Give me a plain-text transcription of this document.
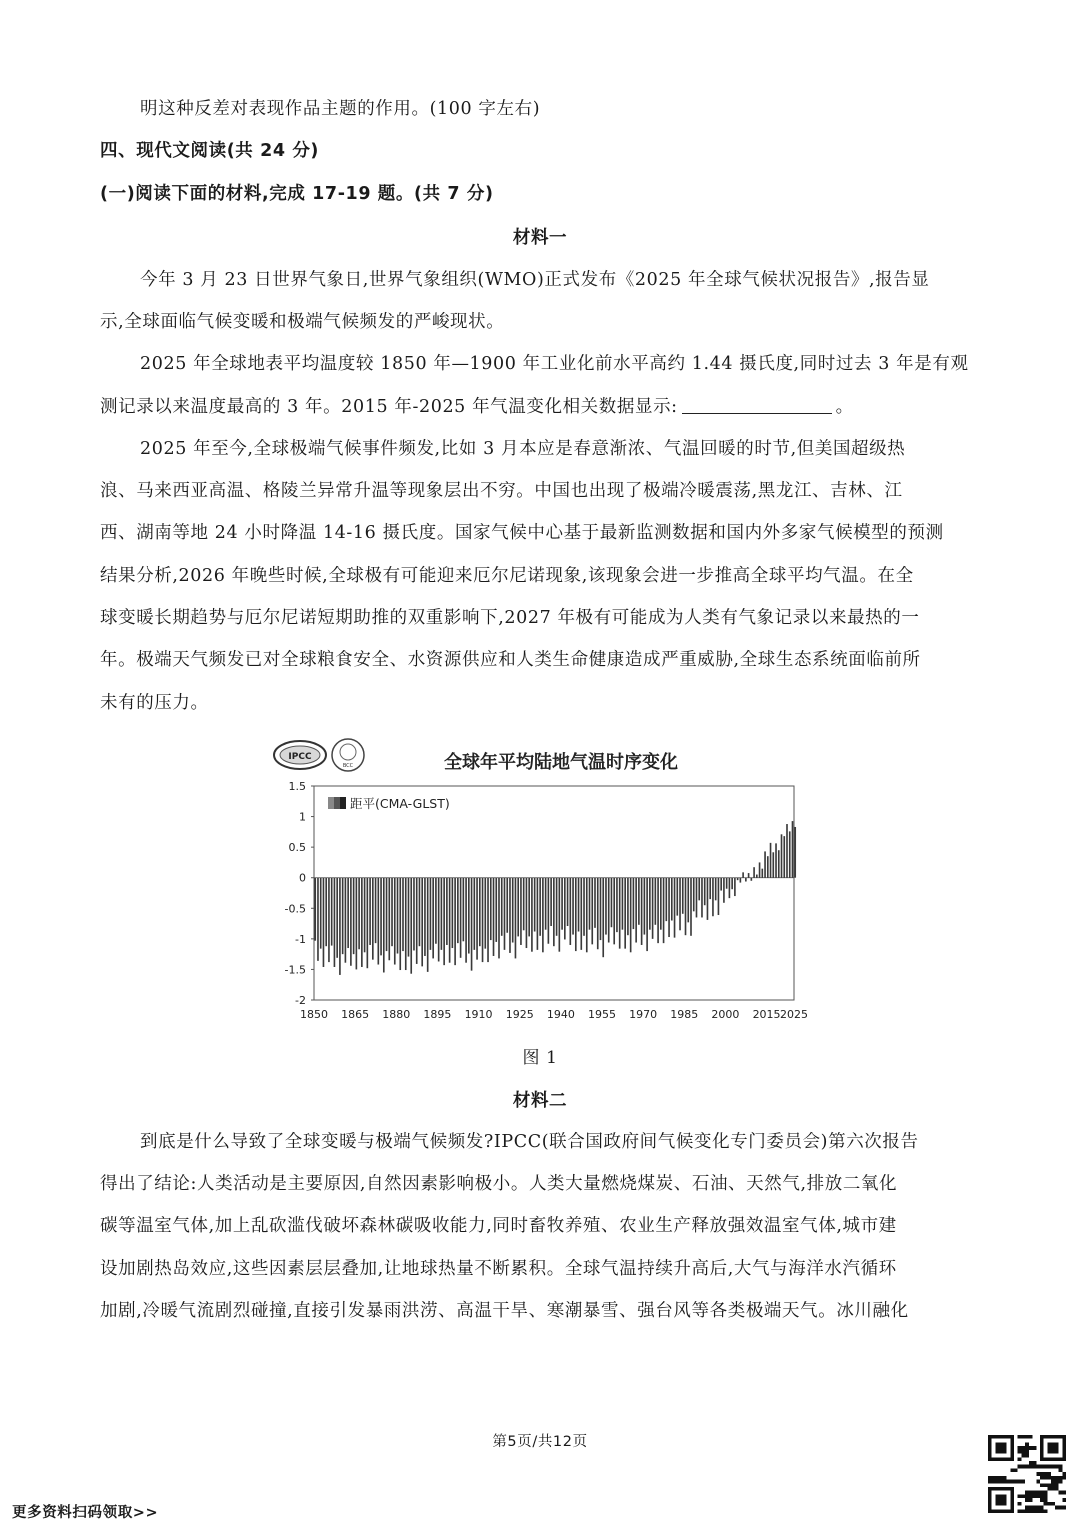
明这种反差对表现作品主题的作用。(100 字左右)
四、现代文阅读(共 24 分)
(一)阅读下面的材料,完成 17-19 题。(共 7 分)
材料一
今年 3 月 23 日世界气象日,世界气象组织(WMO)正式发布《2025 年全球气候状况报告》,报告显
示,全球面临气候变暖和极端气候频发的严峻现状。
2025 年全球地表平均温度较 1850 年—1900 年工业化前水平高约 1.44 摄氏度,同时过去 3 年是有观
测记录以来温度最高的 3 年。2015 年-2025 年气温变化相关数据显示:	。
2025 年至今,全球极端气候事件频发,比如 3 月本应是春意渐浓、气温回暖的时节,但美国超级热
浪、马来西亚高温、格陵兰异常升温等现象层出不穷。中国也出现了极端冷暖震荡,黑龙江、吉林、江
西、湖南等地 24 小时降温 14-16 摄氏度。国家气候中心基于最新监测数据和国内外多家气候模型的预测
结果分析,2026 年晚些时候,全球极有可能迎来厄尔尼诺现象,该现象会进一步推高全球平均气温。在全
球变暖长期趋势与厄尔尼诺短期助推的双重影响下,2027 年极有可能成为人类有气象记录以来最热的一
年。极端天气频发已对全球粮食安全、水资源供应和人类生命健康造成严重威胁,全球生态系统面临前所
未有的压力。
IPCC
BCC	全球年平均陆地气温时序变化
距平(CMA-GLST)
1.5
1
0.5
0
-0.5
-1
-1.5
-2
1850 1865 1880 1895 1910 1925 1940 1955 1970 1985 2000 2015 2025
图 1
材料二
到底是什么导致了全球变暖与极端气候频发?IPCC(联合国政府间气候变化专门委员会)第六次报告
得出了结论:人类活动是主要原因,自然因素影响极小。人类大量燃烧煤炭、石油、天然气,排放二氧化
碳等温室气体,加上乱砍滥伐破坏森林碳吸收能力,同时畜牧养殖、农业生产释放强效温室气体,城市建
设加剧热岛效应,这些因素层层叠加,让地球热量不断累积。全球气温持续升高后,大气与海洋水汽循环
加剧,冷暖气流剧烈碰撞,直接引发暴雨洪涝、高温干旱、寒潮暴雪、强台风等各类极端天气。冰川融化
第5页/共12页
更多资料扫码领取>>
